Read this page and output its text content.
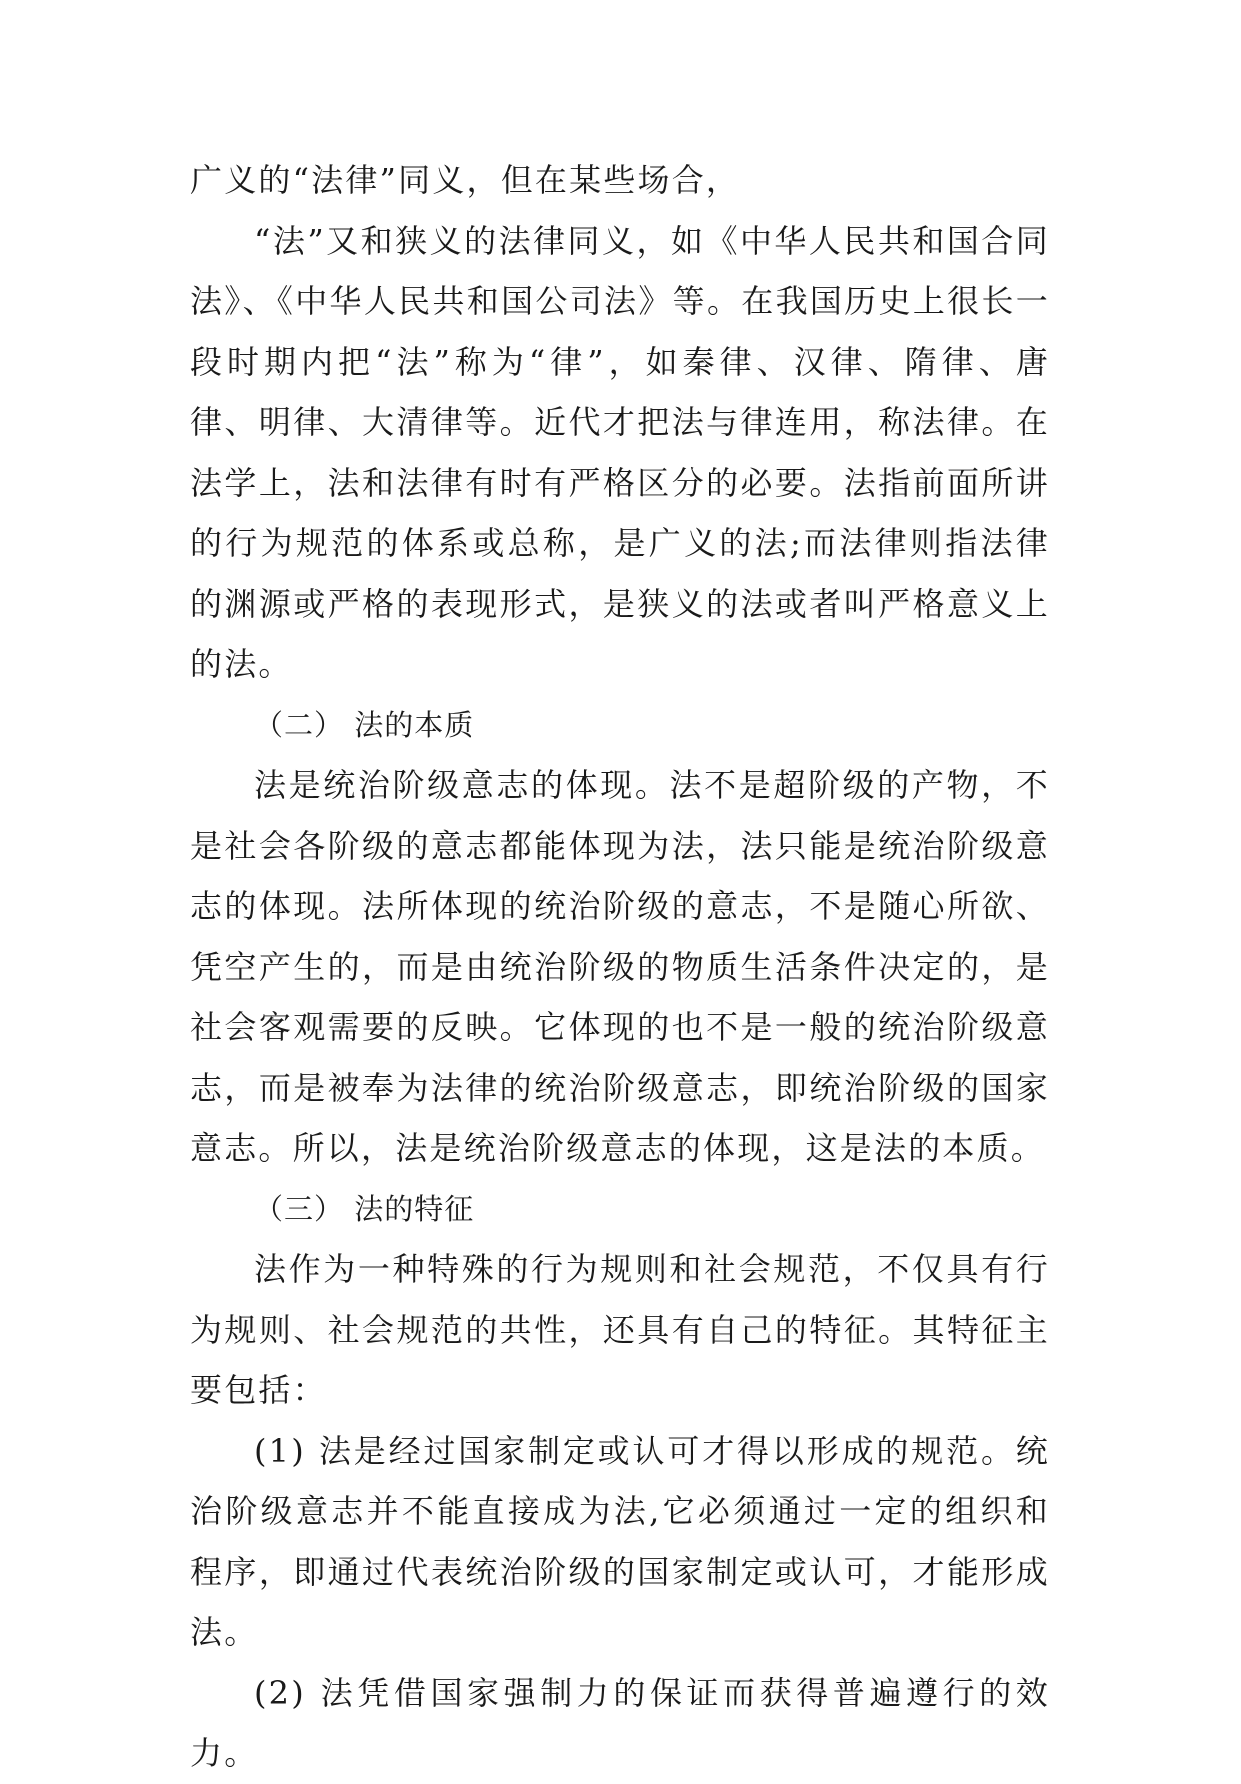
广义的“法律”同义，但在某些场合，

“法”又和狭义的法律同义，如《中华人民共和国合同法》、《中华人民共和国公司法》等。在我国历史上很长一段时期内把“法”称为“律”，如秦律、汉律、隋律、唐律、明律、大清律等。近代才把法与律连用，称法律。在法学上，法和法律有时有严格区分的必要。法指前面所讲的行为规范的体系或总称，是广义的法;而法律则指法律的渊源或严格的表现形式，是狭义的法或者叫严格意义上的法。

（二） 法的本质

法是统治阶级意志的体现。法不是超阶级的产物，不是社会各阶级的意志都能体现为法，法只能是统治阶级意志的体现。法所体现的统治阶级的意志，不是随心所欲、凭空产生的，而是由统治阶级的物质生活条件决定的，是社会客观需要的反映。它体现的也不是一般的统治阶级意志，而是被奉为法律的统治阶级意志，即统治阶级的国家意志。所以，法是统治阶级意志的体现，这是法的本质。

（三） 法的特征

法作为一种特殊的行为规则和社会规范，不仅具有行为规则、社会规范的共性，还具有自己的特征。其特征主要包括：

(1) 法是经过国家制定或认可才得以形成的规范。统治阶级意志并不能直接成为法,它必须通过一定的组织和程序，即通过代表统治阶级的国家制定或认可，才能形成法。

(2) 法凭借国家强制力的保证而获得普遍遵行的效力。
